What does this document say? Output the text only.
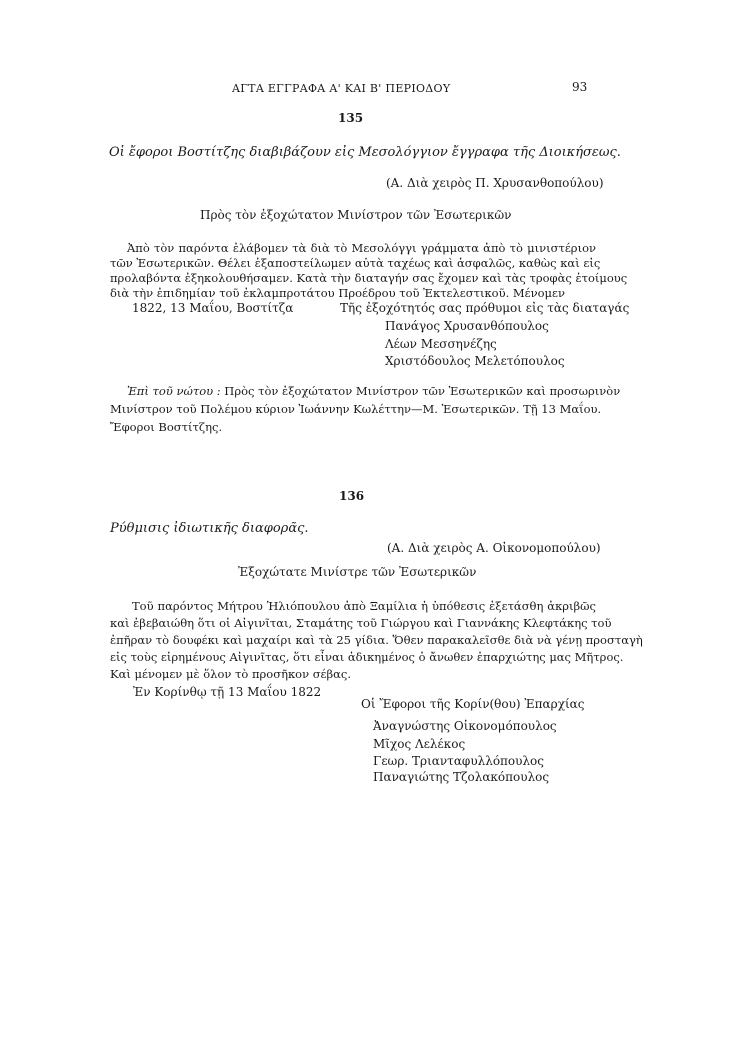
ΑΓΤΑ ΕΓΓΡΑΦΑ Α' ΚΑΙ Β' ΠΕΡΙΟΔΟΥ	93
135
Οἱ ἔφοροι Βοστίτζης διαβιβάζουν εἰς Μεσολόγγιον ἔγγραφα τῆς Διοικήσεως.
(Α. Διὰ χειρὸς Π. Χρυσανθοπούλου)
Πρὸς τὸν ἐξοχώτατον Μινίστρον τῶν Ἐσωτερικῶν
Ἀπὸ τὸν παρόντα ἐλάβομεν τὰ διὰ τὸ Μεσολόγγι γράμματα ἀπὸ τὸ μινιστέριον
τῶν Ἐσωτερικῶν. Θέλει ἐξαποστείλωμεν αὐτὰ ταχέως καὶ ἀσφαλῶς, καθὼς καὶ εἰς
προλαβόντα ἐξηκολουθήσαμεν. Κατὰ τὴν διαταγήν σας ἔχομεν καὶ τὰς τροφὰς ἑτοίμους
διὰ τὴν ἐπιδημίαν τοῦ ἐκλαμπροτάτου Προέδρου τοῦ Ἐκτελεστικοῦ. Μένομεν
1822, 13 Μαΐου, Βοστίτζα	Τῆς ἐξοχότητός σας πρόθυμοι εἰς τὰς διαταγάς
Πανάγος Χρυσανθόπουλος
Λέων Μεσσηνέζης
Χριστόδουλος Μελετόπουλος
Ἐπὶ τοῦ νώτου : Πρὸς τὸν ἐξοχώτατον Μινίστρον τῶν Ἐσωτερικῶν καὶ προσωρινὸν
Μινίστρον τοῦ Πολέμου κύριον Ἰωάννην Κωλέττην—Μ. Ἐσωτερικῶν. Τῇ 13 Μαΐου.
Ἔφοροι Βοστίτζης.
136
Ρύθμισις ἰδιωτικῆς διαφορᾶς.
(Α. Διὰ χειρὸς Α. Οἰκονομοπούλου)
Ἐξοχώτατε Μινίστρε τῶν Ἐσωτερικῶν
Τοῦ παρόντος Μήτρου Ἠλιόπουλου ἀπὸ Ξαμίλια ἡ ὑπόθεσις ἐξετάσθη ἀκριβῶς
καὶ ἐβεβαιώθη ὅτι οἱ Αἰγινῖται, Σταμάτης τοῦ Γιώργου καὶ Γιαννάκης Κλεφτάκης τοῦ
ἐπῆραν τὸ δουφέκι καὶ μαχαίρι καὶ τὰ 25 γίδια. Ὅθεν παρακαλεῖσθε διὰ νὰ γένῃ προσταγὴ
εἰς τοὺς εἰρημένους Αἰγινῖτας, ὅτι εἶναι ἀδικημένος ὁ ἄνωθεν ἐπαρχιώτης μας Μῆτρος.
Καὶ μένομεν μὲ ὅλον τὸ προσῆκον σέβας.
Ἐν Κορίνθῳ τῇ 13 Μαΐου 1822
Οἱ Ἔφοροι τῆς Κορίν(θου) Ἐπαρχίας
Ἀναγνώστης Οἰκονομόπουλος
Μῖχος Λελέκος
Γεωρ. Τριανταφυλλόπουλος
Παναγιώτης Τζολακόπουλος
